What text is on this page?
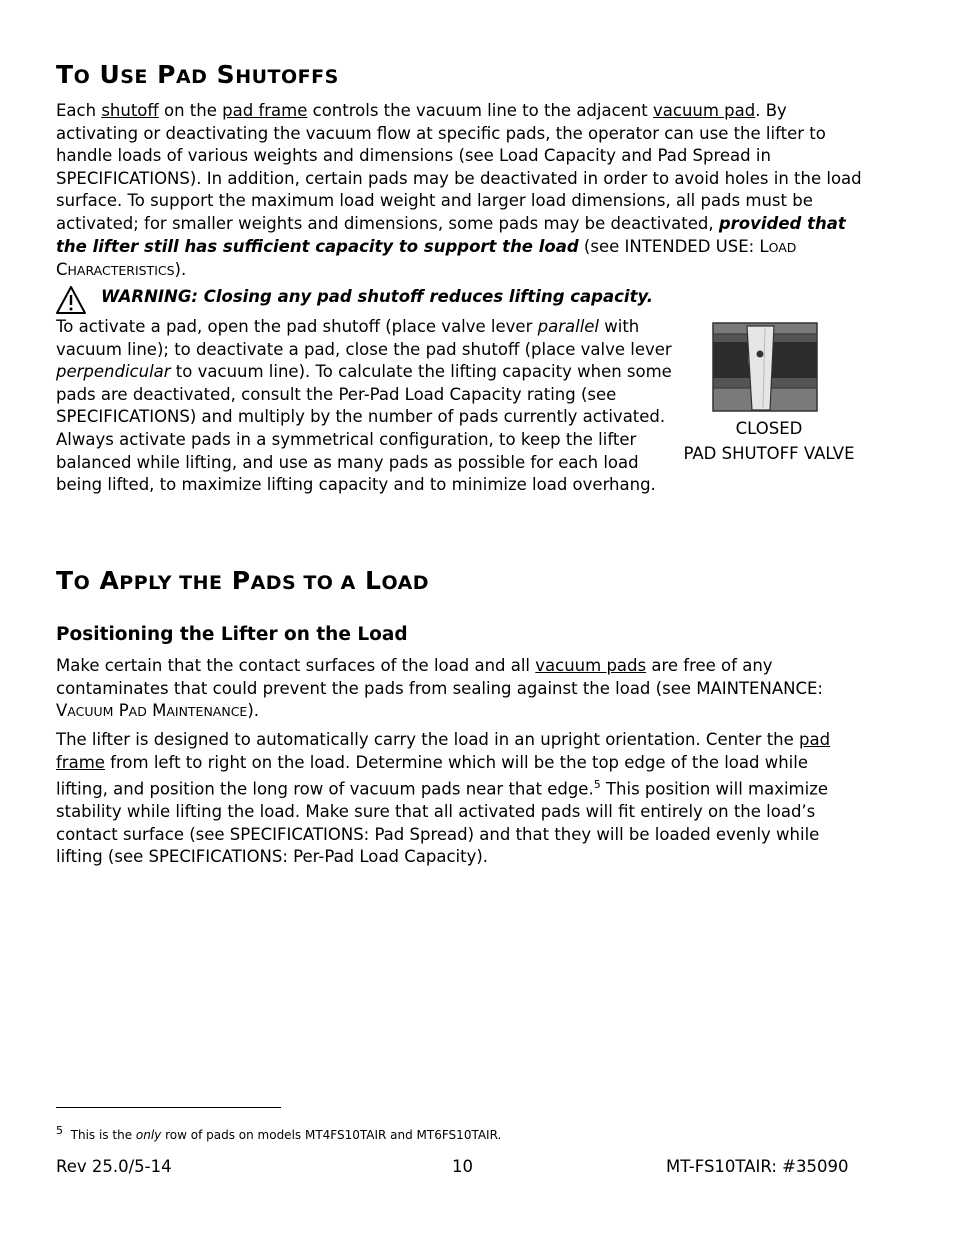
TO USE PAD SHUTOFFS
Each shutoff on the pad frame controls the vacuum line to the adjacent vacuum pad. By activating or deactivating the vacuum flow at specific pads, the operator can use the lifter to handle loads of various weights and dimensions (see Load Capacity and Pad Spread in SPECIFICATIONS). In addition, certain pads may be deactivated in order to avoid holes in the load surface. To support the maximum load weight and larger load dimensions, all pads must be activated; for smaller weights and dimensions, some pads may be deactivated, provided that the lifter still has sufficient capacity to support the load (see INTENDED USE: LOAD CHARACTERISTICS).
WARNING: Closing any pad shutoff reduces lifting capacity.
To activate a pad, open the pad shutoff (place valve lever parallel with vacuum line); to deactivate a pad, close the pad shutoff (place valve lever perpendicular to vacuum line). To calculate the lifting capacity when some pads are deactivated, consult the Per-Pad Load Capacity rating (see SPECIFICATIONS) and multiply by the number of pads currently activated. Always activate pads in a symmetrical configuration, to keep the lifter balanced while lifting, and use as many pads as possible for each load being lifted, to maximize lifting capacity and to minimize load overhang.
CLOSED
PAD SHUTOFF VALVE
TO APPLY THE PADS TO A LOAD
Positioning the Lifter on the Load
Make certain that the contact surfaces of the load and all vacuum pads are free of any contaminates that could prevent the pads from sealing against the load (see MAINTENANCE: VACUUM PAD MAINTENANCE).
The lifter is designed to automatically carry the load in an upright orientation. Center the pad frame from left to right on the load. Determine which will be the top edge of the load while lifting, and position the long row of vacuum pads near that edge.$^5$ This position will maximize stability while lifting the load. Make sure that all activated pads will fit entirely on the load’s contact surface (see SPECIFICATIONS: Pad Spread) and that they will be loaded evenly while lifting (see SPECIFICATIONS: Per-Pad Load Capacity).
$^5$ This is the only row of pads on models MT4FS10TAIR and MT6FS10TAIR.
Rev 25.0/5-14	10	MT-FS10TAIR: #35090
